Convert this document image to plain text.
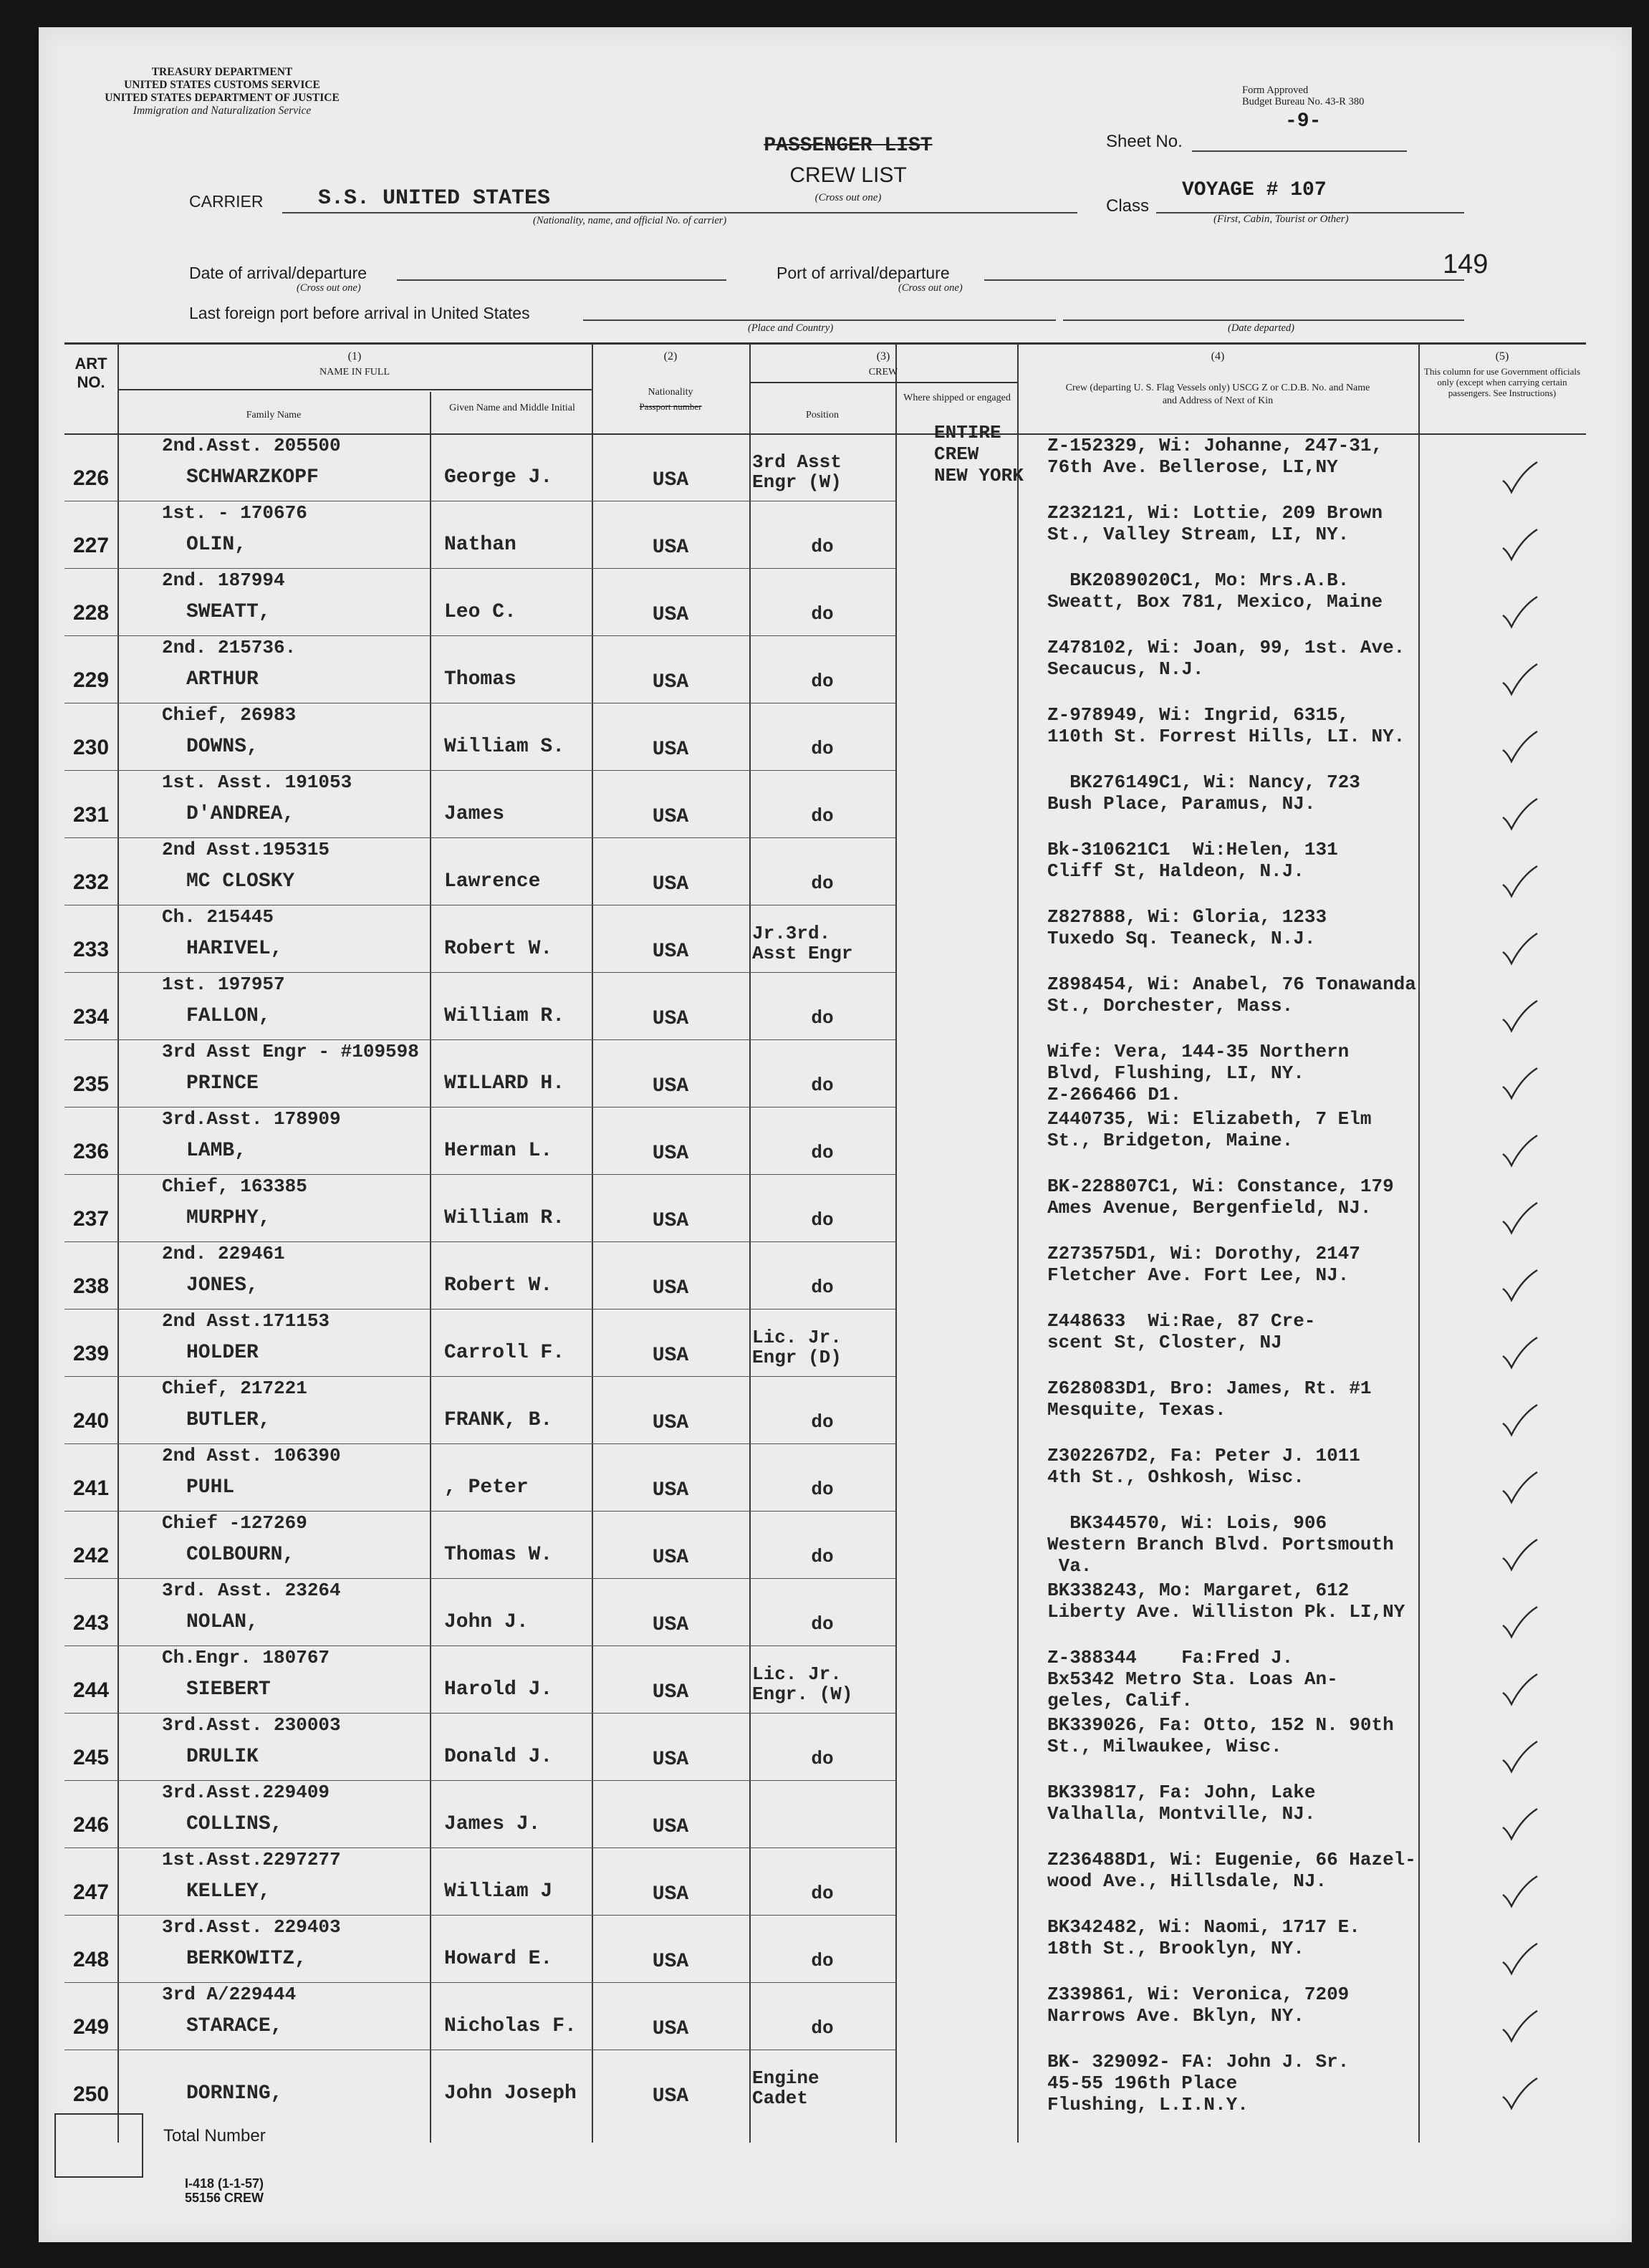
TREASURY DEPARTMENT
UNITED STATES CUSTOMS SERVICE
UNITED STATES DEPARTMENT OF JUSTICE
Immigration and Naturalization Service
PASSENGER LIST
CREW LIST
(Cross out one)
Form Approved
Budget Bureau No. 43-R 380
Sheet No.
-9-
Class
VOYAGE # 107
(First, Cabin, Tourist or Other)
149
CARRIER	S.S. UNITED STATES
(Nationality, name, and official No. of carrier)
Date of arrival/departure
(Cross out one)
Port of arrival/departure
(Cross out one)
Last foreign port before arrival in United States
(Place and Country)	(Date departed)
(1)
NAME IN FULL
Family Name
Given Name and Middle Initial
ART NO.
(2)
Nationality
Passport number
(3)
CREW
Position
Where shipped or engaged
(4)
Crew (departing U. S. Flag Vessels only) USCG Z or C.D.B. No. and Name and Address of Next of Kin
(5)
This column for use Government officials only (except when carrying certain passengers. See Instructions)
ENTIRE
CREW
NEW YORK
2nd.Asst. 205500
226	SCHWARZKOPF	George J.	USA
3rd Asst
Engr (W)
Z-152329, Wi: Johanne, 247-31,
76th Ave. Bellerose, LI,NY
1st. - 170676
227	OLIN,	Nathan	USA	do
Z232121, Wi: Lottie, 209 Brown
St., Valley Stream, LI, NY.
2nd. 187994
228	SWEATT,	Leo C.	USA	do
BK2089020C1, Mo: Mrs.A.B.
Sweatt, Box 781, Mexico, Maine
2nd. 215736.
229	ARTHUR	Thomas	USA	do
Z478102, Wi: Joan, 99, 1st. Ave.
Secaucus, N.J.
Chief, 26983
230	DOWNS,	William S.	USA	do
Z-978949, Wi: Ingrid, 6315,
110th St. Forrest Hills, LI. NY.
1st. Asst. 191053
231	D'ANDREA,	James	USA	do
BK276149C1, Wi: Nancy, 723
Bush Place, Paramus, NJ.
2nd Asst.195315
232	MC CLOSKY	Lawrence	USA	do
Bk-310621C1  Wi:Helen, 131
Cliff St, Haldeon, N.J.
Ch. 215445
233	HARIVEL,	Robert W.	USA
Jr.3rd.
Asst Engr
Z827888, Wi: Gloria, 1233
Tuxedo Sq. Teaneck, N.J.
1st. 197957
234	FALLON,	William R.	USA	do
Z898454, Wi: Anabel, 76 Tonawanda
St., Dorchester, Mass.
3rd Asst Engr - #109598
235	PRINCE	WILLARD H.	USA	do
Wife: Vera, 144-35 Northern
Blvd, Flushing, LI, NY.
Z-266466 D1.
3rd.Asst. 178909
236	LAMB,	Herman L.	USA	do
Z440735, Wi: Elizabeth, 7 Elm
St., Bridgeton, Maine.
Chief, 163385
237	MURPHY,	William R.	USA	do
BK-228807C1, Wi: Constance, 179
Ames Avenue, Bergenfield, NJ.
2nd. 229461
238	JONES,	Robert W.	USA	do
Z273575D1, Wi: Dorothy, 2147
Fletcher Ave. Fort Lee, NJ.
2nd Asst.171153
239	HOLDER	Carroll F.	USA
Lic. Jr.
Engr (D)
Z448633  Wi:Rae, 87 Cre-
scent St, Closter, NJ
Chief, 217221
240	BUTLER,	FRANK, B.	USA	do
Z628083D1, Bro: James, Rt. #1
Mesquite, Texas.
2nd Asst. 106390
241	PUHL	, Peter	USA	do
Z302267D2, Fa: Peter J. 1011
4th St., Oshkosh, Wisc.
Chief -127269
242	COLBOURN,	Thomas W.	USA	do
BK344570, Wi: Lois, 906
Western Branch Blvd. Portsmouth
Va.
3rd. Asst. 23264
243	NOLAN,	John J.	USA	do
BK338243, Mo: Margaret, 612
Liberty Ave. Williston Pk. LI,NY
Ch.Engr. 180767
244	SIEBERT	Harold J.	USA
Lic. Jr.
Engr. (W)
Z-388344    Fa:Fred J.
Bx5342 Metro Sta. Loas An-
geles, Calif.
3rd.Asst. 230003
245	DRULIK	Donald J.	USA	do
BK339026, Fa: Otto, 152 N. 90th
St., Milwaukee, Wisc.
3rd.Asst.229409
246	COLLINS,	James J.	USA
BK339817, Fa: John, Lake
Valhalla, Montville, NJ.
1st.Asst.2297277
247	KELLEY,	William J	USA	do
Z236488D1, Wi: Eugenie, 66 Hazel-
wood Ave., Hillsdale, NJ.
3rd.Asst. 229403
248	BERKOWITZ,	Howard E.	USA	do
BK342482, Wi: Naomi, 1717 E.
18th St., Brooklyn, NY.
3rd A/229444
249	STARACE,	Nicholas F.	USA	do
Z339861, Wi: Veronica, 7209
Narrows Ave. Bklyn, NY.
250	DORNING,	John Joseph	USA
Engine
Cadet
BK- 329092- FA: John J. Sr.
45-55 196th Place
Flushing, L.I.N.Y.
Total Number
I-418 (1-1-57)
55156 CREW
